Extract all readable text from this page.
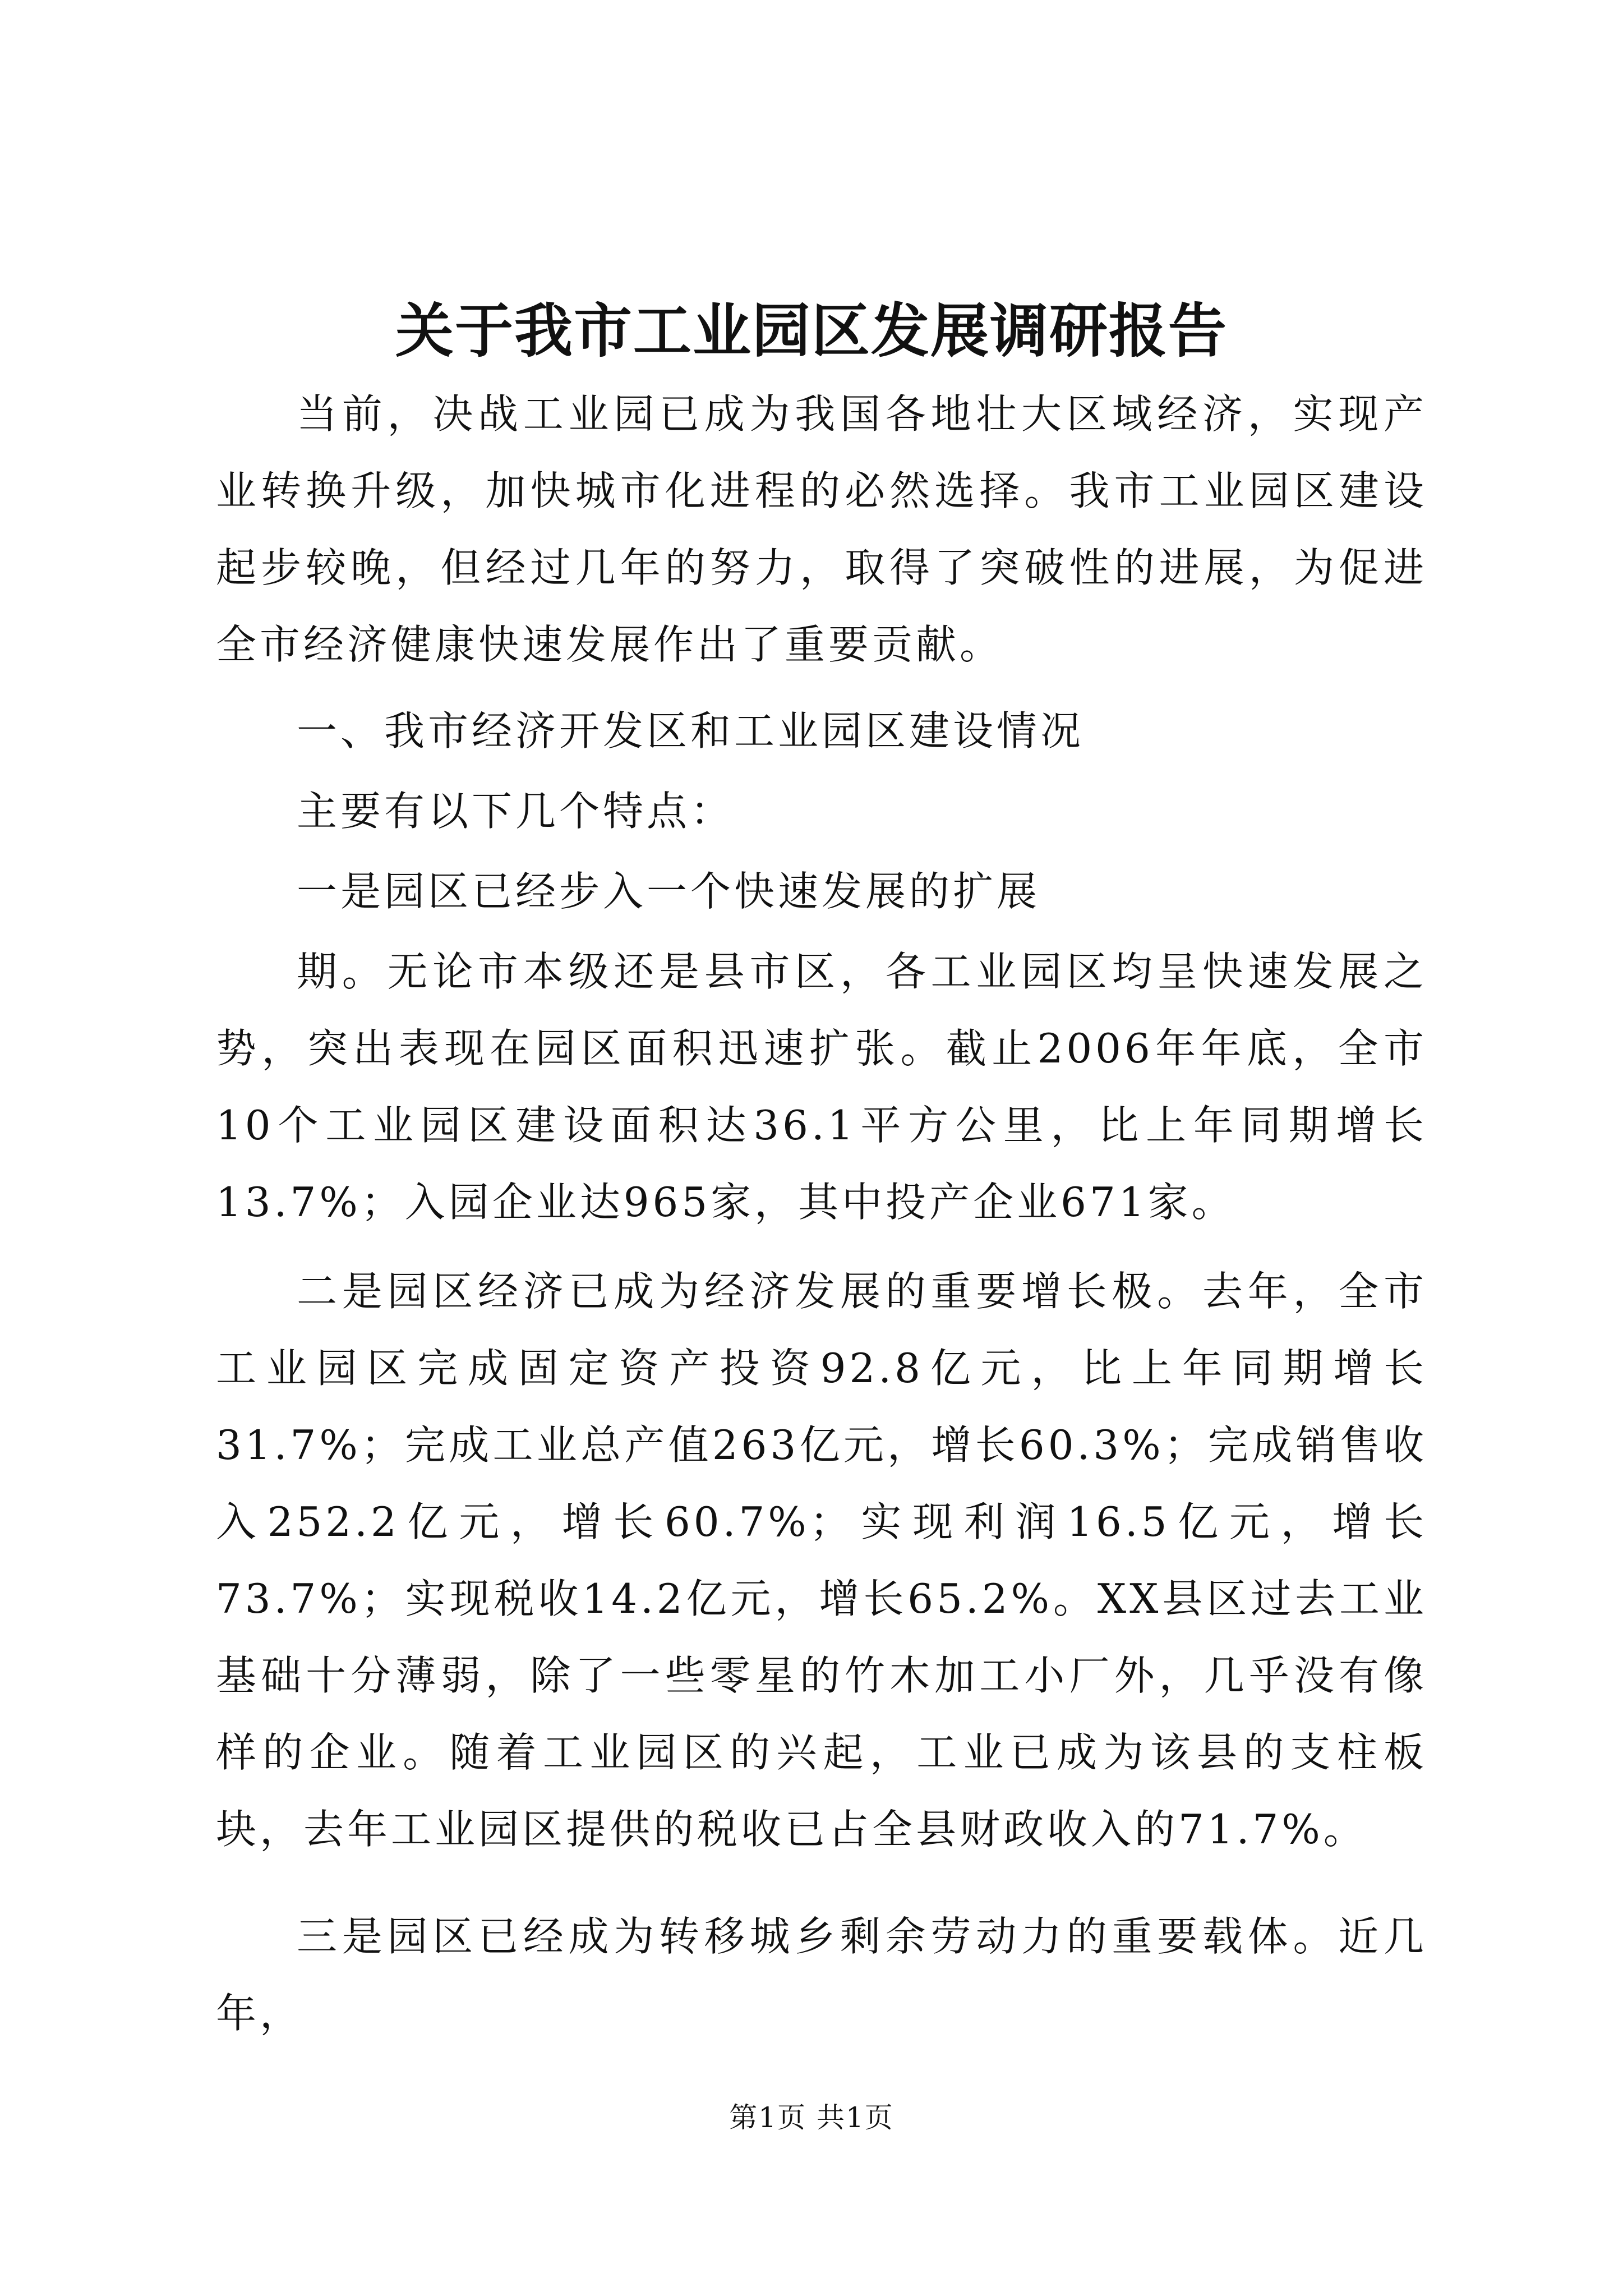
关于我市工业园区发展调研报告

当前，决战工业园已成为我国各地壮大区域经济，实现产业转换升级，加快城市化进程的必然选择。我市工业园区建设起步较晚，但经过几年的努力，取得了突破性的进展，为促进全市经济健康快速发展作出了重要贡献。

一、我市经济开发区和工业园区建设情况

主要有以下几个特点：

一是园区已经步入一个快速发展的扩展

期。无论市本级还是县市区，各工业园区均呈快速发展之势，突出表现在园区面积迅速扩张。截止2006年年底，全市10个工业园区建设面积达36.1平方公里，比上年同期增长13.7%；入园企业达965家，其中投产企业671家。

二是园区经济已成为经济发展的重要增长极。去年，全市工业园区完成固定资产投资92.8亿元，比上年同期增长31.7%；完成工业总产值263亿元，增长60.3%；完成销售收入252.2亿元，增长60.7%；实现利润16.5亿元，增长73.7%；实现税收14.2亿元，增长65.2%。XX县区过去工业基础十分薄弱，除了一些零星的竹木加工小厂外，几乎没有像样的企业。随着工业园区的兴起，工业已成为该县的支柱板块，去年工业园区提供的税收已占全县财政收入的71.7%。

三是园区已经成为转移城乡剩余劳动力的重要载体。近几年，

第1页 共1页
